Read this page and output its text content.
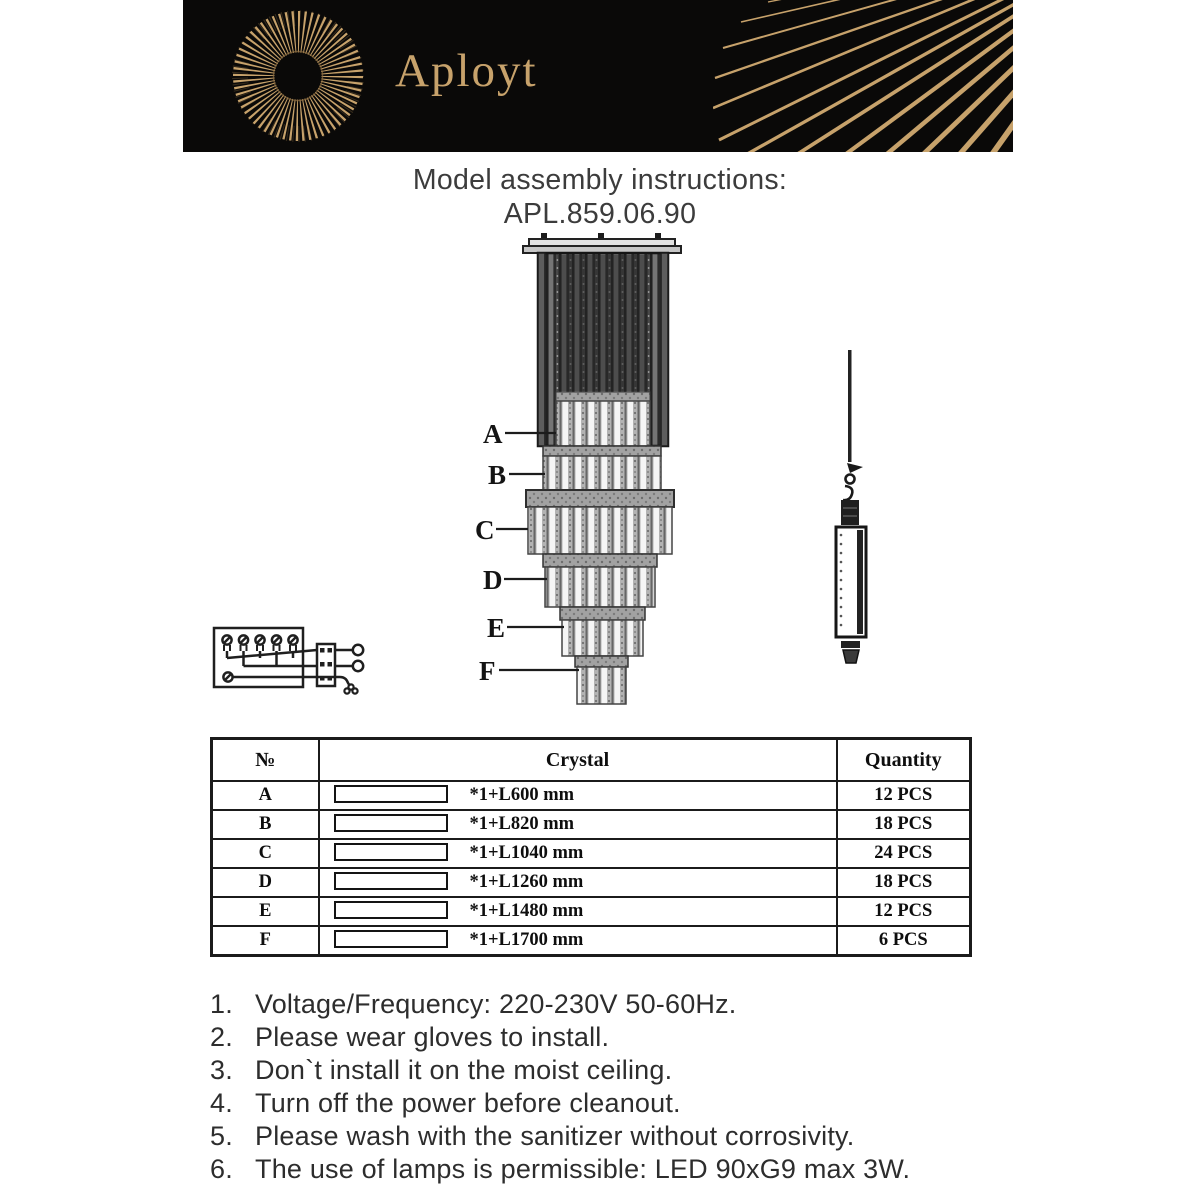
Aployt
Model assembly instructions:
APL.859.06.90
A
B
C
D
E
F
№	Crystal	Quantity
A	*1+L600 mm	12 PCS
B	*1+L820 mm	18 PCS
C	*1+L1040 mm	24 PCS
D	*1+L1260 mm	18 PCS
E	*1+L1480 mm	12 PCS
F	*1+L1700 mm	6 PCS
1. Voltage/Frequency: 220-230V 50-60Hz.
2. Please wear gloves to install.
3. Don`t install it on the moist ceiling.
4. Turn off the power before cleanout.
5. Please wash with the sanitizer without corrosivity.
6. The use of lamps is permissible: LED 90xG9 max 3W.
